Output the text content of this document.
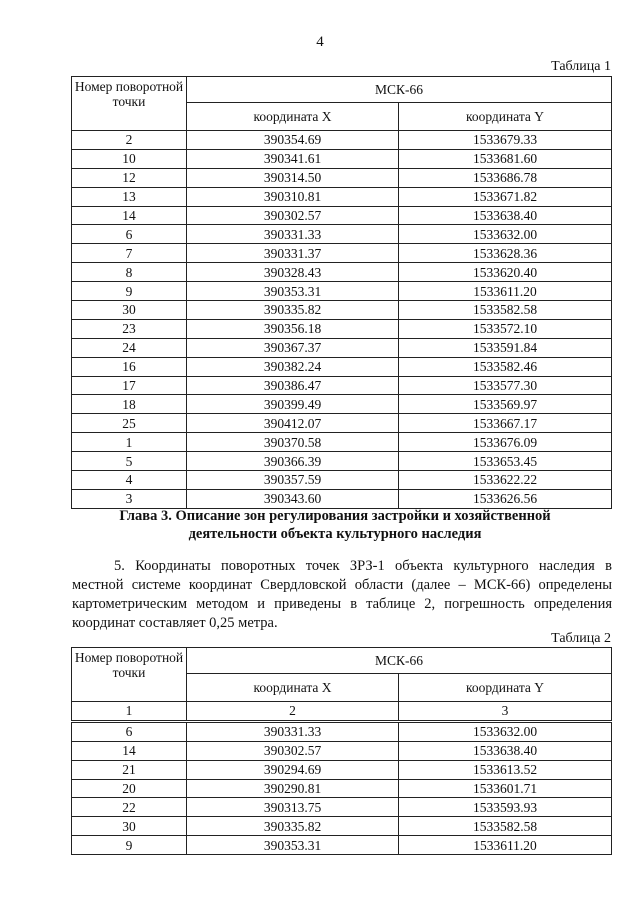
4
Таблица 1
Номер поворотной точки	МСК-66	
	координата X	координата Y
2	390354.69	1533679.33
10	390341.61	1533681.60
12	390314.50	1533686.78
13	390310.81	1533671.82
14	390302.57	1533638.40
6	390331.33	1533632.00
7	390331.37	1533628.36
8	390328.43	1533620.40
9	390353.31	1533611.20
30	390335.82	1533582.58
23	390356.18	1533572.10
24	390367.37	1533591.84
16	390382.24	1533582.46
17	390386.47	1533577.30
18	390399.49	1533569.97
25	390412.07	1533667.17
1	390370.58	1533676.09
5	390366.39	1533653.45
4	390357.59	1533622.22
3	390343.60	1533626.56
Глава 3. Описание зон регулирования застройки и хозяйственной деятельности объекта культурного наследия
5. Координаты поворотных точек ЗРЗ-1 объекта культурного наследия в местной системе координат Свердловской области (далее – МСК-66) определены картометрическим методом и приведены в таблице 2, погрешность определения координат составляет 0,25 метра.
Таблица 2
Номер поворотной точки	МСК-66	
	координата X	координата Y
1	2	3
6	390331.33	1533632.00
14	390302.57	1533638.40
21	390294.69	1533613.52
20	390290.81	1533601.71
22	390313.75	1533593.93
30	390335.82	1533582.58
9	390353.31	1533611.20
